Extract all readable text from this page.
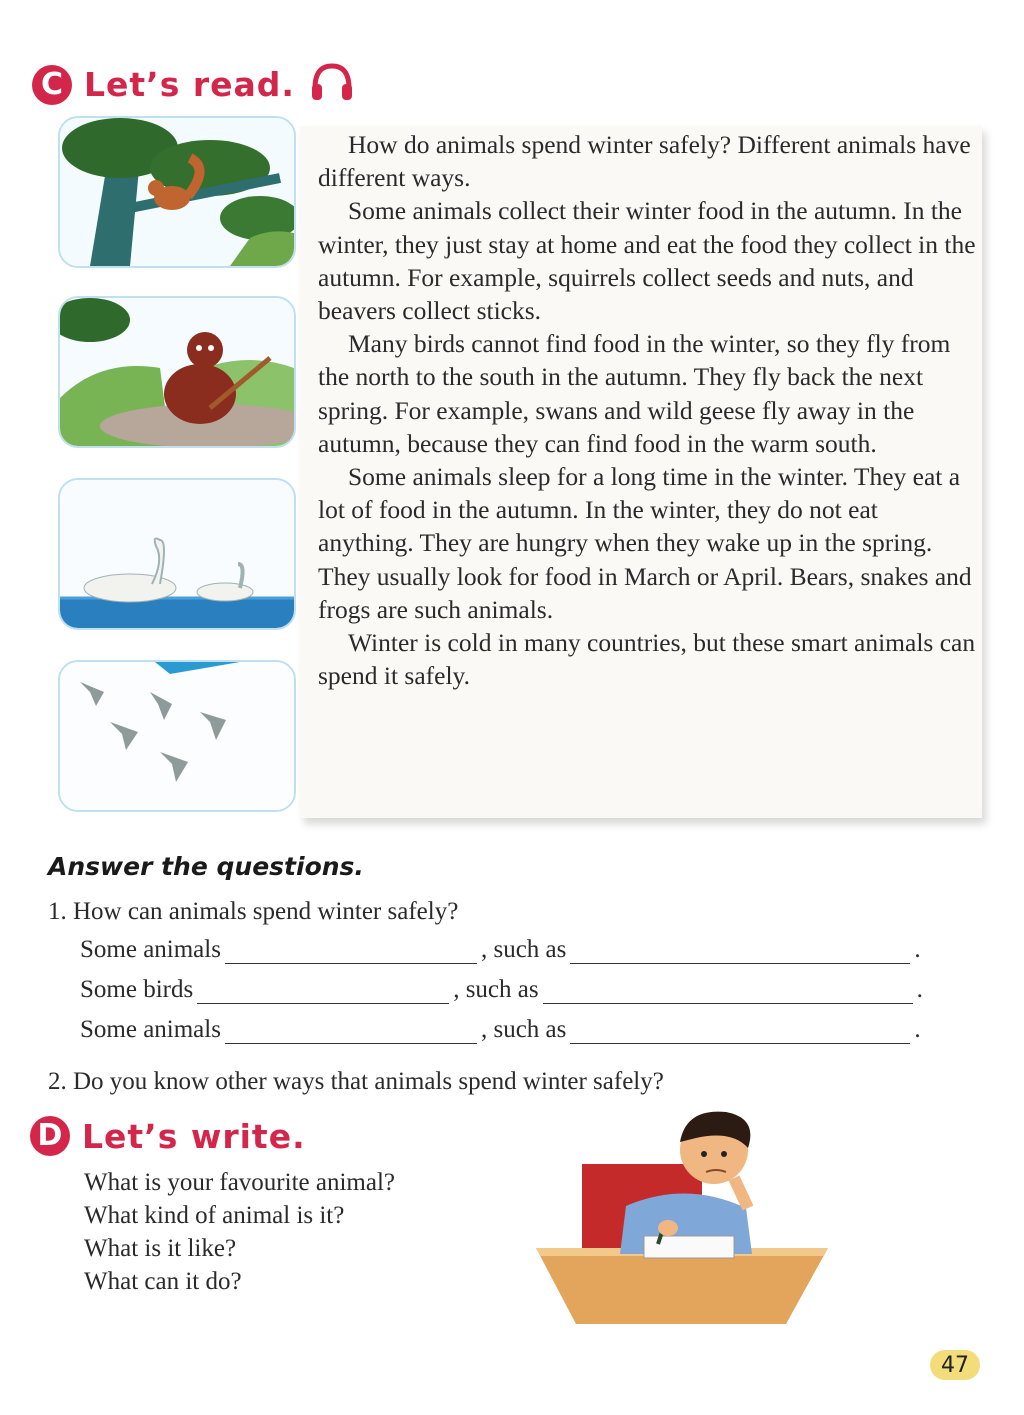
C Let’s read.

How do animals spend winter safely? Different animals have different ways.

Some animals collect their winter food in the autumn. In the winter, they just stay at home and eat the food they collect in the autumn. For example, squirrels collect seeds and nuts, and beavers collect sticks.

Many birds cannot find food in the winter, so they fly from the north to the south in the autumn. They fly back the next spring. For example, swans and wild geese fly away in the autumn, because they can find food in the warm south.

Some animals sleep for a long time in the winter. They eat a lot of food in the autumn. In the winter, they do not eat anything. They are hungry when they wake up in the spring. They usually look for food in March or April. Bears, snakes and frogs are such animals.

Winter is cold in many countries, but these smart animals can spend it safely.

Answer the questions.
1. How can animals spend winter safely?
Some animals	, such as	.
Some birds	, such as	.
Some animals	, such as	.
2. Do you know other ways that animals spend winter safely?
D Let’s write.
What is your favourite animal?
What kind of animal is it?
What is it like?
What can it do?
47
